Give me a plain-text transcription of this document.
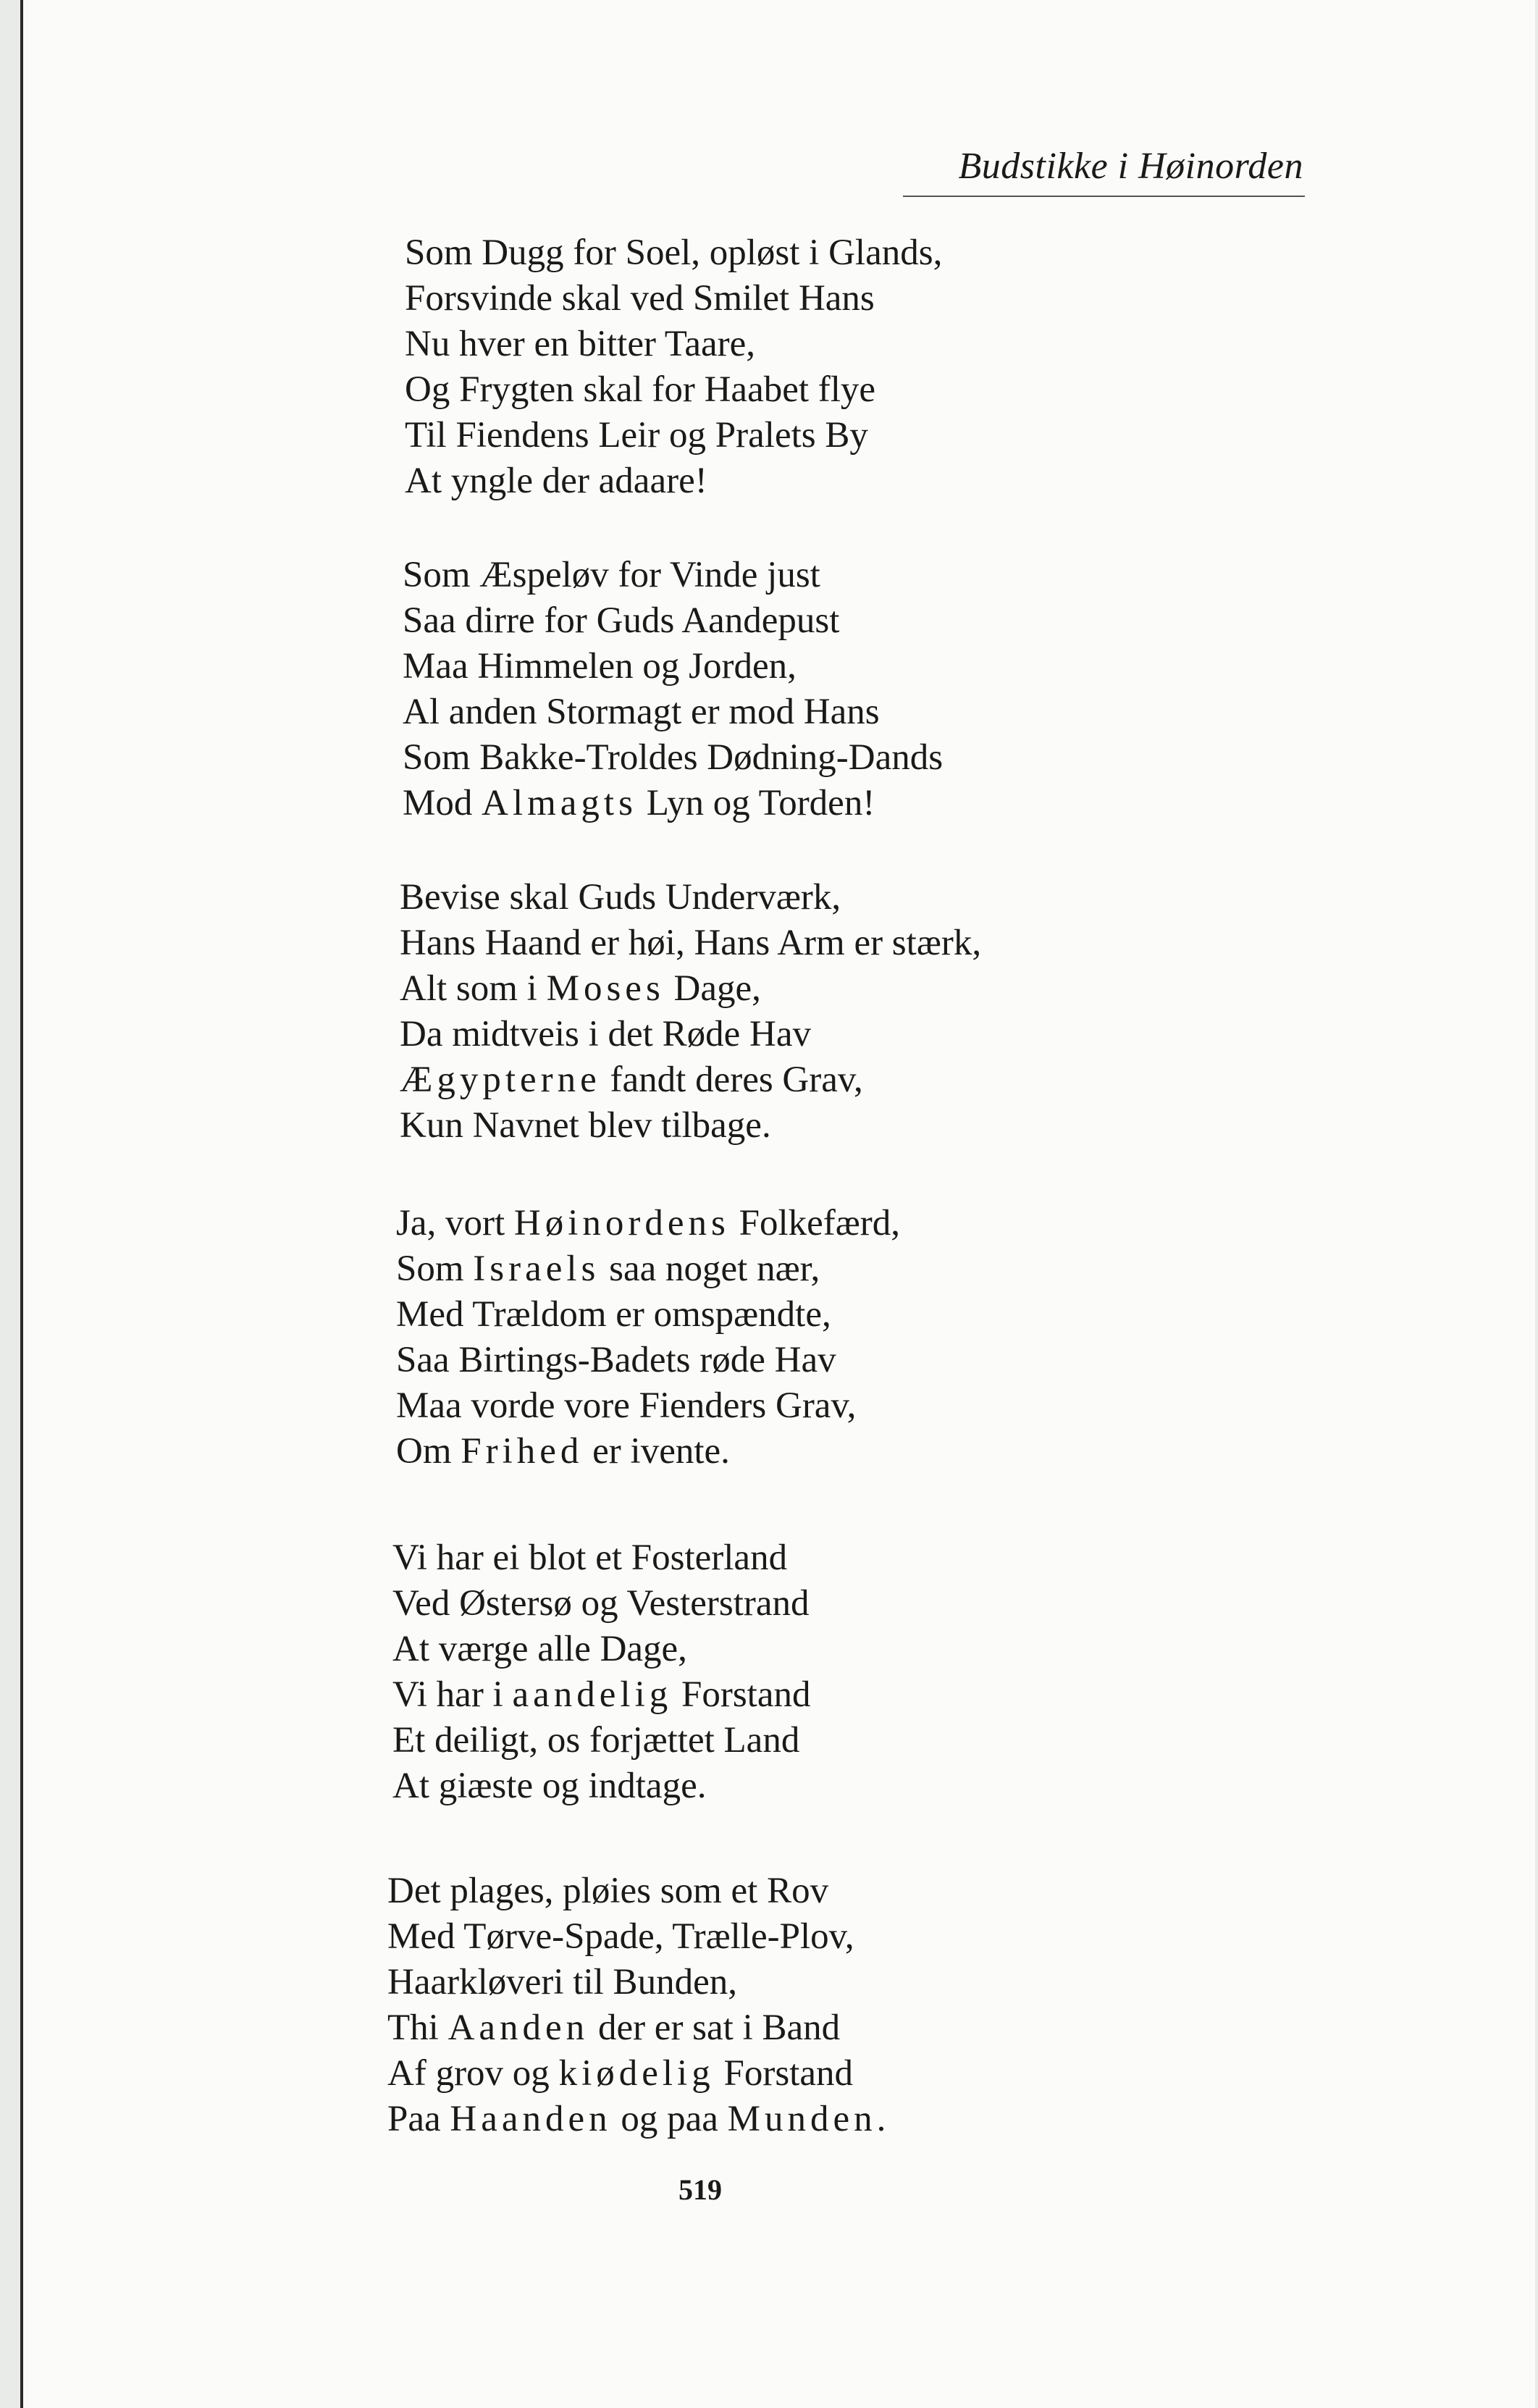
Budstikke i Høinorden
Som Dugg for Soel, opløst i Glands,
Forsvinde skal ved Smilet Hans
Nu hver en bitter Taare,
Og Frygten skal for Haabet flye
Til Fiendens Leir og Pralets By
At yngle der adaare!
Som Æspeløv for Vinde just
Saa dirre for Guds Aandepust
Maa Himmelen og Jorden,
Al anden Stormagt er mod Hans
Som Bakke-Troldes Dødning-Dands
Mod Almagts Lyn og Torden!
Bevise skal Guds Underværk,
Hans Haand er høi, Hans Arm er stærk,
Alt som i Moses Dage,
Da midtveis i det Røde Hav
Ægypterne fandt deres Grav,
Kun Navnet blev tilbage.
Ja, vort Høinordens Folkefærd,
Som Israels saa noget nær,
Med Trældom er omspændte,
Saa Birtings-Badets røde Hav
Maa vorde vore Fienders Grav,
Om Frihed er ivente.
Vi har ei blot et Fosterland
Ved Østersø og Vesterstrand
At værge alle Dage,
Vi har i aandelig Forstand
Et deiligt, os forjættet Land
At giæste og indtage.
Det plages, pløies som et Rov
Med Tørve-Spade, Trælle-Plov,
Haarkløveri til Bunden,
Thi Aanden der er sat i Band
Af grov og kiødelig Forstand
Paa Haanden og paa Munden.
519
